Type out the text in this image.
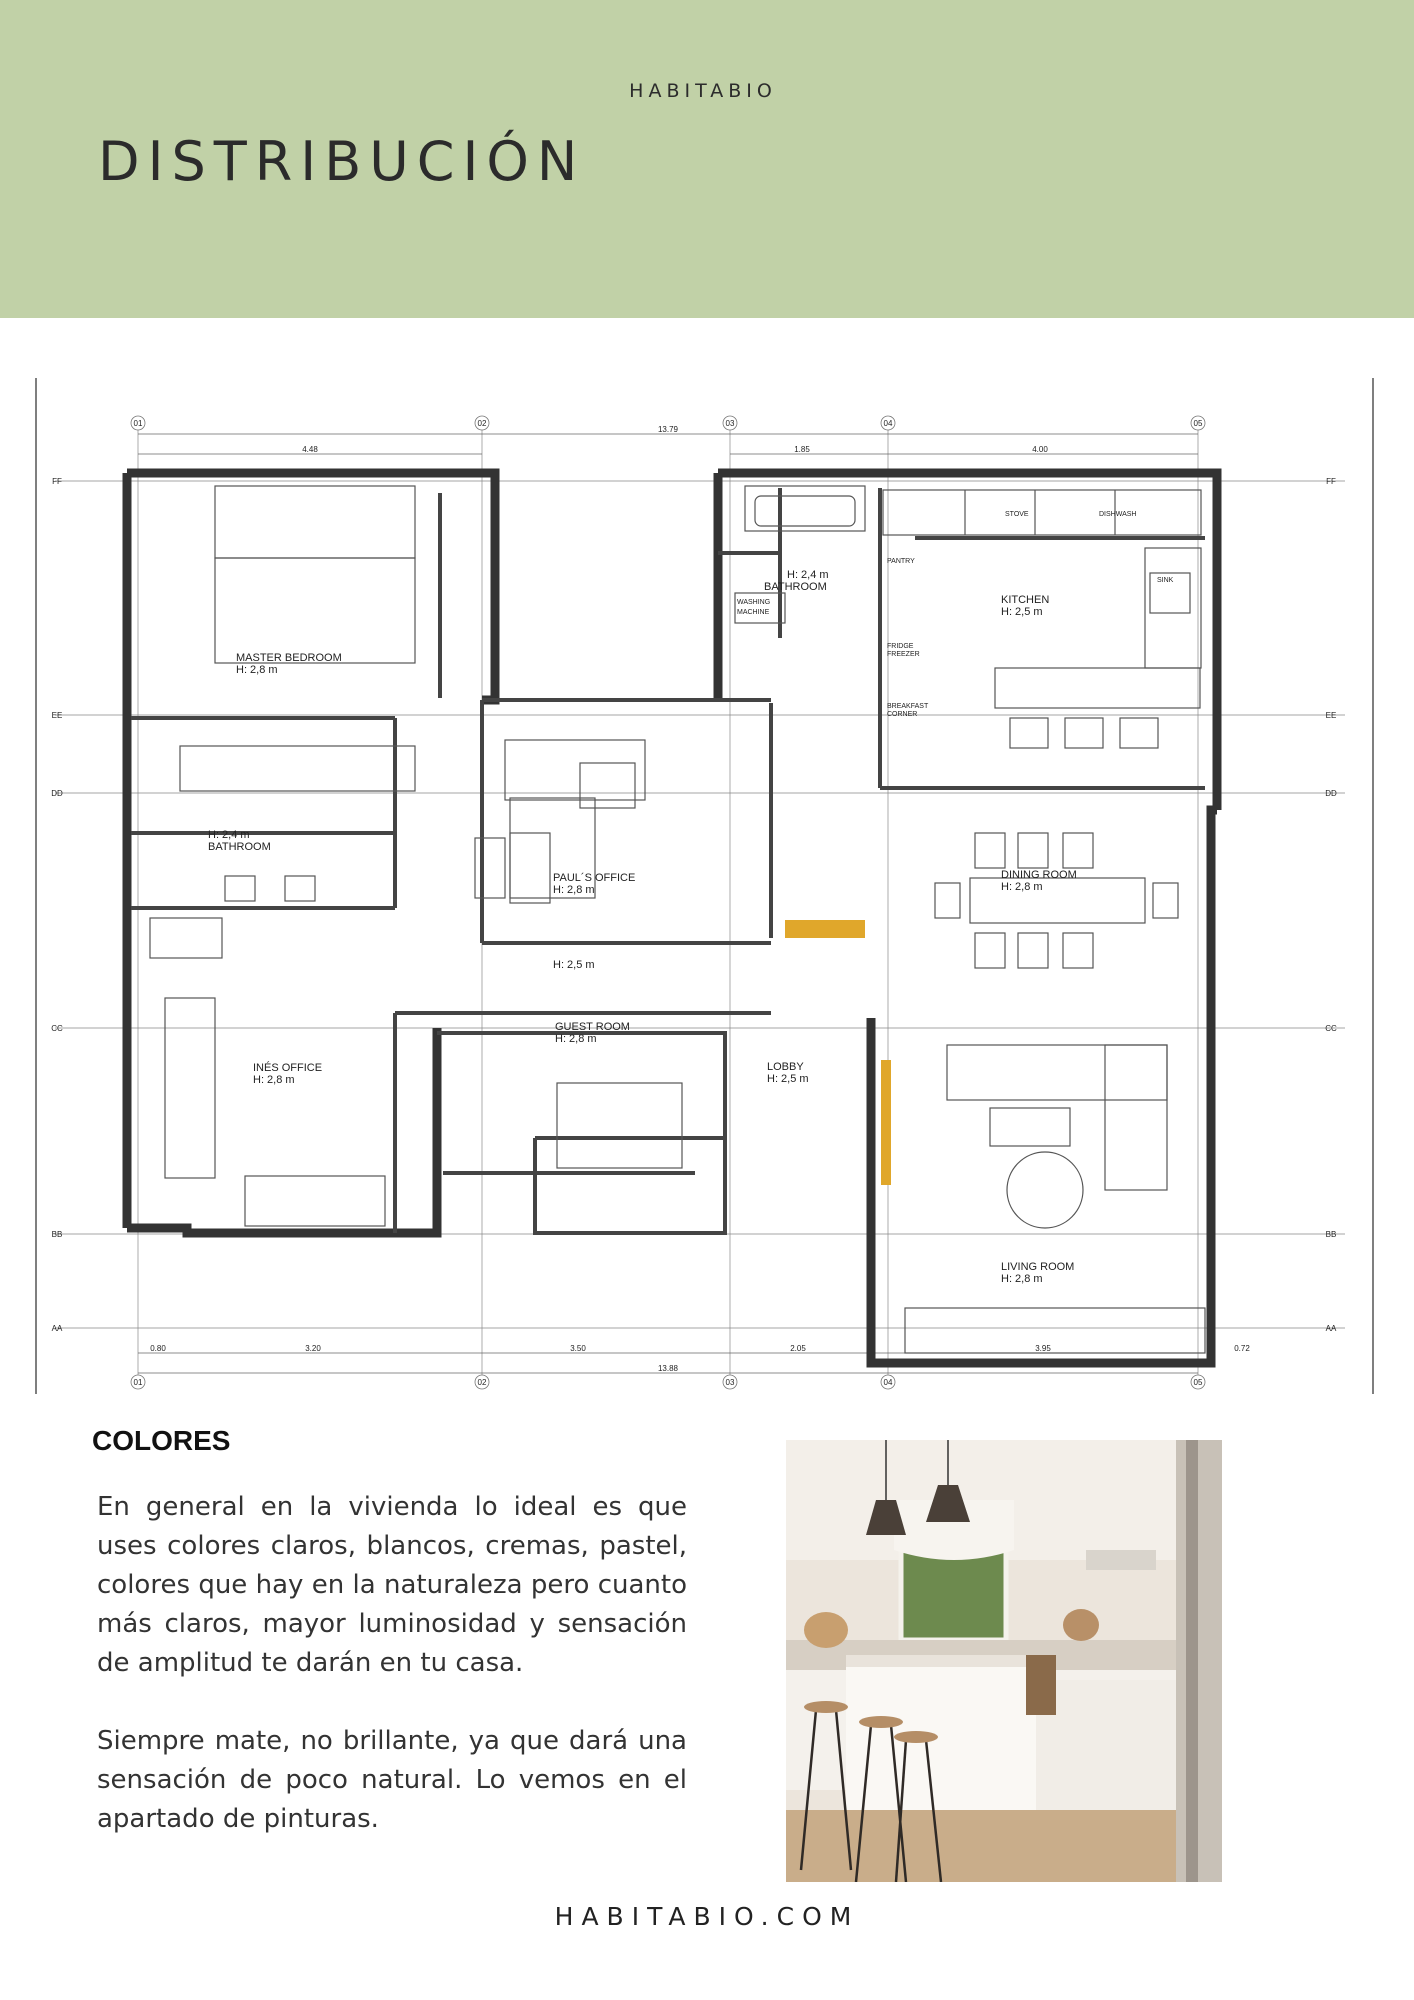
HABITABIO
DISTRIBUCIÓN
01	02	03	04	05
01	02	03	04	05
FF
EE
DD
CC
BB
AA
FF
EE
DD
CC
BB
AA
13.79
4.48	1.85	4.00
0.80	3.20	3.50	2.05	3.95	0.72
13.88
MASTER BEDROOM
H: 2,8 m
H: 2,4 m
BATHROOM
H: 2,4 m
BATHROOM
KITCHEN
H: 2,5 m
PAUL´S OFFICE
H: 2,8 m
DINING ROOM
H: 2,8 m
GUEST ROOM
H: 2,8 m
INÉS OFFICE
H: 2,8 m
LOBBY
H: 2,5 m
LIVING ROOM
H: 2,8 m
H: 2,5 m
STOVE	DISHWASH
SINK
PANTRY
WASHING
MACHINE
FRIDGE
FREEZER
BREAKFAST
CORNER
COLORES
En general en la vivienda lo ideal es que uses colores claros, blancos, cremas, pastel, colores que hay en la naturaleza pero cuanto más claros, mayor luminosidad y sensación de amplitud te darán en tu casa.
Siempre mate, no brillante, ya que dará una sensación de poco natural. Lo vemos en el apartado de pinturas.
HABITABIO.COM
